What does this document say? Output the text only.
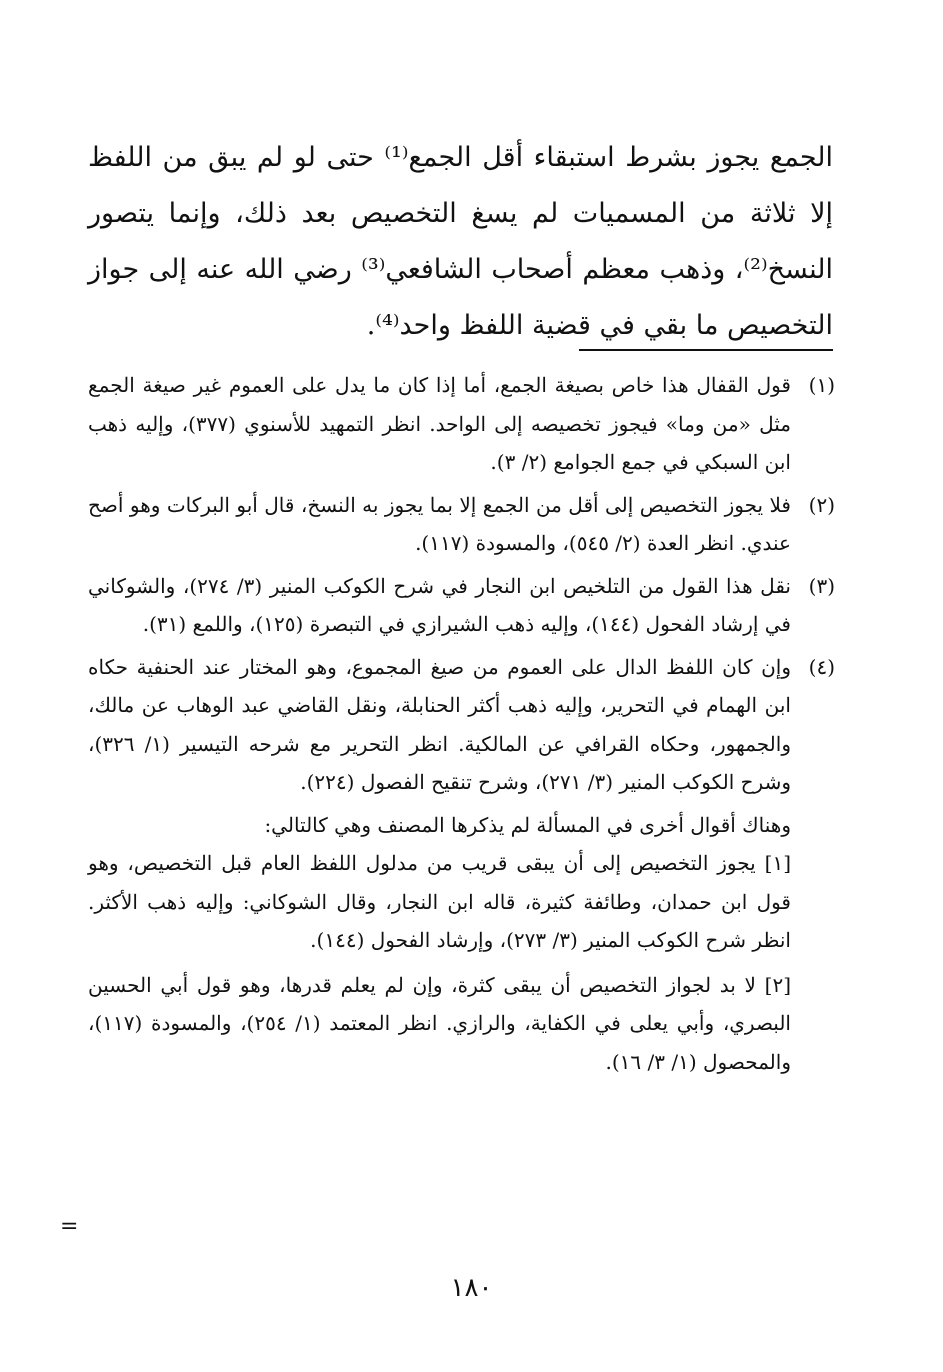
الجمع يجوز بشرط استبقاء أقل الجمع⁽¹⁾ حتى لو لم يبق من اللفظ إلا ثلاثة من المسميات لم يسغ التخصيص بعد ذلك، وإنما يتصور النسخ⁽²⁾، وذهب معظم أصحاب الشافعي⁽³⁾ رضي الله عنه إلى جواز التخصيص ما بقي في قضية اللفظ واحد⁽⁴⁾.

(١)
قول القفال هذا خاص بصيغة الجمع، أما إذا كان ما يدل على العموم غير صيغة الجمع مثل «من وما» فيجوز تخصيصه إلى الواحد. انظر التمهيد للأسنوي (٣٧٧)، وإليه ذهب ابن السبكي في جمع الجوامع (٢/ ٣).
(٢)
فلا يجوز التخصيص إلى أقل من الجمع إلا بما يجوز به النسخ، قال أبو البركات وهو أصح عندي. انظر العدة (٢/ ٥٤٥)، والمسودة (١١٧).
(٣)
نقل هذا القول من التلخيص ابن النجار في شرح الكوكب المنير (٣/ ٢٧٤)، والشوكاني في إرشاد الفحول (١٤٤)، وإليه ذهب الشيرازي في التبصرة (١٢٥)، واللمع (٣١).
(٤)
وإن كان اللفظ الدال على العموم من صيغ المجموع، وهو المختار عند الحنفية حكاه ابن الهمام في التحرير، وإليه ذهب أكثر الحنابلة، ونقل القاضي عبد الوهاب عن مالك، والجمهور، وحكاه القرافي عن المالكية. انظر التحرير مع شرحه التيسير (١/ ٣٢٦)، وشرح الكوكب المنير (٣/ ٢٧١)، وشرح تنقيح الفصول (٢٢٤).

وهناك أقوال أخرى في المسألة لم يذكرها المصنف وهي كالتالي:

[١] يجوز التخصيص إلى أن يبقى قريب من مدلول اللفظ العام قبل التخصيص، وهو قول ابن حمدان، وطائفة كثيرة، قاله ابن النجار، وقال الشوكاني: وإليه ذهب الأكثر. انظر شرح الكوكب المنير (٣/ ٢٧٣)، وإرشاد الفحول (١٤٤).

[٢] لا بد لجواز التخصيص أن يبقى كثرة، وإن لم يعلم قدرها، وهو قول أبي الحسين البصري، وأبي يعلى في الكفاية، والرازي. انظر المعتمد (١/ ٢٥٤)، والمسودة (١١٧)، والمحصول (١/ ٣/ ١٦).

=
١٨٠
